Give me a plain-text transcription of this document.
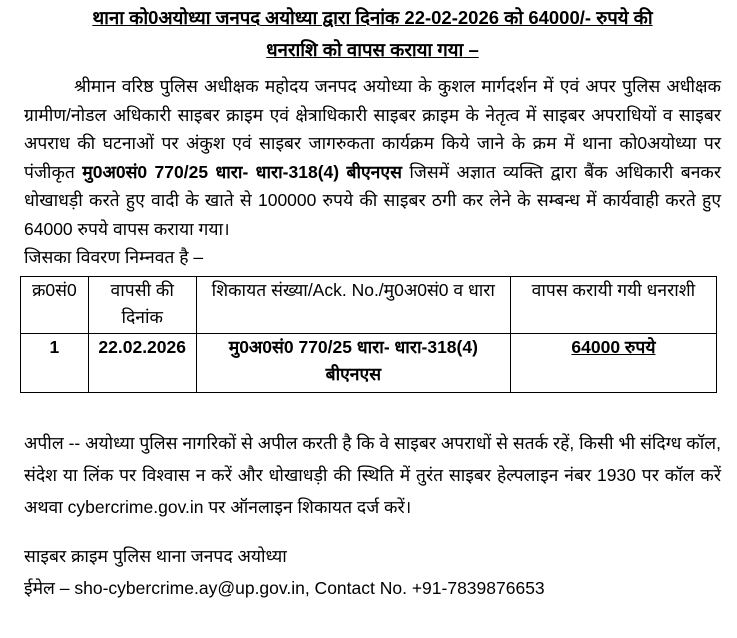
थाना को0अयोध्या जनपद अयोध्या द्वारा दिनांक 22-02-2026 को 64000/- रुपये की
धनराशि को वापस कराया गया –

श्रीमान वरिष्ठ पुलिस अधीक्षक महोदय जनपद अयोध्या के कुशल मार्गदर्शन में एवं अपर पुलिस अधीक्षक ग्रामीण/नोडल अधिकारी साइबर क्राइम एवं क्षेत्राधिकारी साइबर क्राइम के नेतृत्व में साइबर अपराधियों व साइबर अपराध की घटनाओं पर अंकुश एवं साइबर जागरुकता कार्यक्रम किये जाने के क्रम में थाना को0अयोध्या पर पंजीकृत मु0अ0सं0 770/25 धारा- धारा-318(4) बीएनएस जिसमें अज्ञात व्यक्ति द्वारा बैंक अधिकारी बनकर धोखाधड़ी करते हुए वादी के खाते से 100000 रुपये की साइबर ठगी कर लेने के सम्बन्ध में कार्यवाही करते हुए 64000 रुपये वापस कराया गया।

जिसका विवरण निम्नवत है –

क्र0सं0	वापसी की दिनांक	शिकायत संख्या/Ack. No./मु0अ0सं0 व धारा	वापस करायी गयी धनराशी
1	22.02.2026	मु0अ0सं0 770/25 धारा- धारा-318(4) बीएनएस	64000 रुपये

अपील -- अयोध्या पुलिस नागरिकों से अपील करती है कि वे साइबर अपराधों से सतर्क रहें, किसी भी संदिग्ध कॉल, संदेश या लिंक पर विश्वास न करें और धोखाधड़ी की स्थिति में तुरंत साइबर हेल्पलाइन नंबर 1930 पर कॉल करें अथवा cybercrime.gov.in पर ऑनलाइन शिकायत दर्ज करें।

साइबर क्राइम पुलिस थाना जनपद अयोध्या

ईमेल – sho-cybercrime.ay@up.gov.in, Contact No. +91-7839876653
